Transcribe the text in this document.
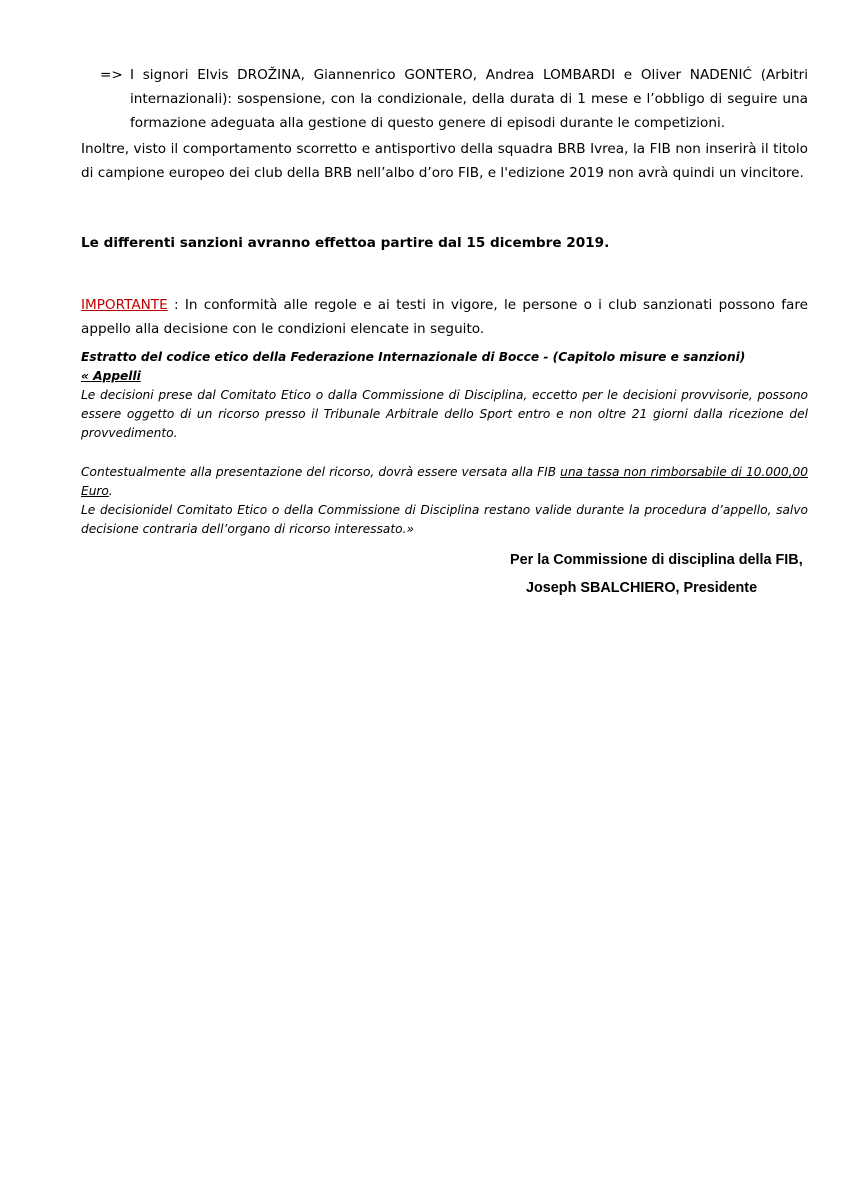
=> I signori Elvis DROŽINA, Giannenrico GONTERO, Andrea LOMBARDI e Oliver NADENIĆ (Arbitri internazionali): sospensione, con la condizionale, della durata di 1 mese e l’obbligo di seguire una formazione adeguata alla gestione di questo genere di episodi durante le competizioni.

Inoltre, visto il comportamento scorretto e antisportivo della squadra BRB Ivrea, la FIB non inserirà il titolo di campione europeo dei club della BRB nell’albo d’oro FIB, e l'edizione 2019 non avrà quindi un vincitore.

Le differenti sanzioni avranno effettoa partire dal 15 dicembre 2019.

IMPORTANTE : In conformità alle regole e ai testi in vigore, le persone o i club sanzionati possono fare appello alla decisione con le condizioni elencate in seguito.

Estratto del codice etico della Federazione Internazionale di Bocce - (Capitolo misure e sanzioni)

« Appelli

Le decisioni prese dal Comitato Etico o dalla Commissione di Disciplina, eccetto per le decisioni provvisorie, possono essere oggetto di un ricorso presso il Tribunale Arbitrale dello Sport entro e non oltre 21 giorni dalla ricezione del provvedimento.

Contestualmente alla presentazione del ricorso, dovrà essere versata alla FIB una tassa non rimborsabile di 10.000,00 Euro.

Le decisionidel Comitato Etico o della Commissione di Disciplina restano valide durante la procedura d’appello, salvo decisione contraria dell’organo di ricorso interessato.»

Per la Commissione di disciplina della FIB,

Joseph SBALCHIERO, Presidente
